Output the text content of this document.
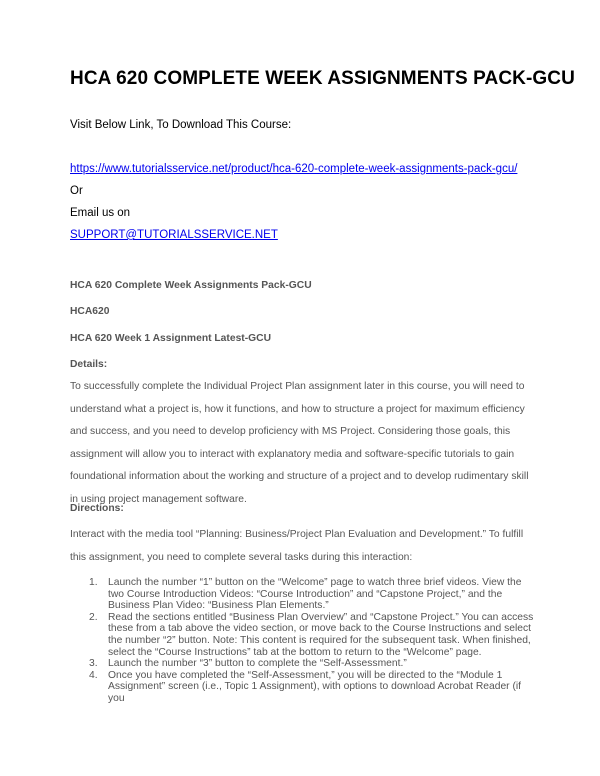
HCA 620 COMPLETE WEEK ASSIGNMENTS PACK-GCU
Visit Below Link, To Download This Course:
https://www.tutorialsservice.net/product/hca-620-complete-week-assignments-pack-gcu/
Or
Email us on
SUPPORT@TUTORIALSSERVICE.NET
HCA 620 Complete Week Assignments Pack-GCU
HCA620
HCA 620 Week 1 Assignment Latest-GCU
Details:

To successfully complete the Individual Project Plan assignment later in this course, you will need to understand what a project is, how it functions, and how to structure a project for maximum efficiency and success, and you need to develop proficiency with MS Project. Considering those goals, this assignment will allow you to interact with explanatory media and software-specific tutorials to gain foundational information about the working and structure of a project and to develop rudimentary skill in using project management software.

Directions:

Interact with the media tool “Planning: Business/Project Plan Evaluation and Development.” To fulfill this assignment, you need to complete several tasks during this interaction:

1. Launch the number “1” button on the “Welcome” page to watch three brief videos. View the two Course Introduction Videos: “Course Introduction” and “Capstone Project,” and the Business Plan Video: “Business Plan Elements.”
2. Read the sections entitled “Business Plan Overview” and “Capstone Project.” You can access these from a tab above the video section, or move back to the Course Instructions and select the number “2” button. Note: This content is required for the subsequent task. When finished, select the “Course Instructions” tab at the bottom to return to the “Welcome” page.
3. Launch the number “3” button to complete the “Self-Assessment.”
4. Once you have completed the “Self-Assessment,” you will be directed to the “Module 1 Assignment” screen (i.e., Topic 1 Assignment), with options to download Acrobat Reader (if you
